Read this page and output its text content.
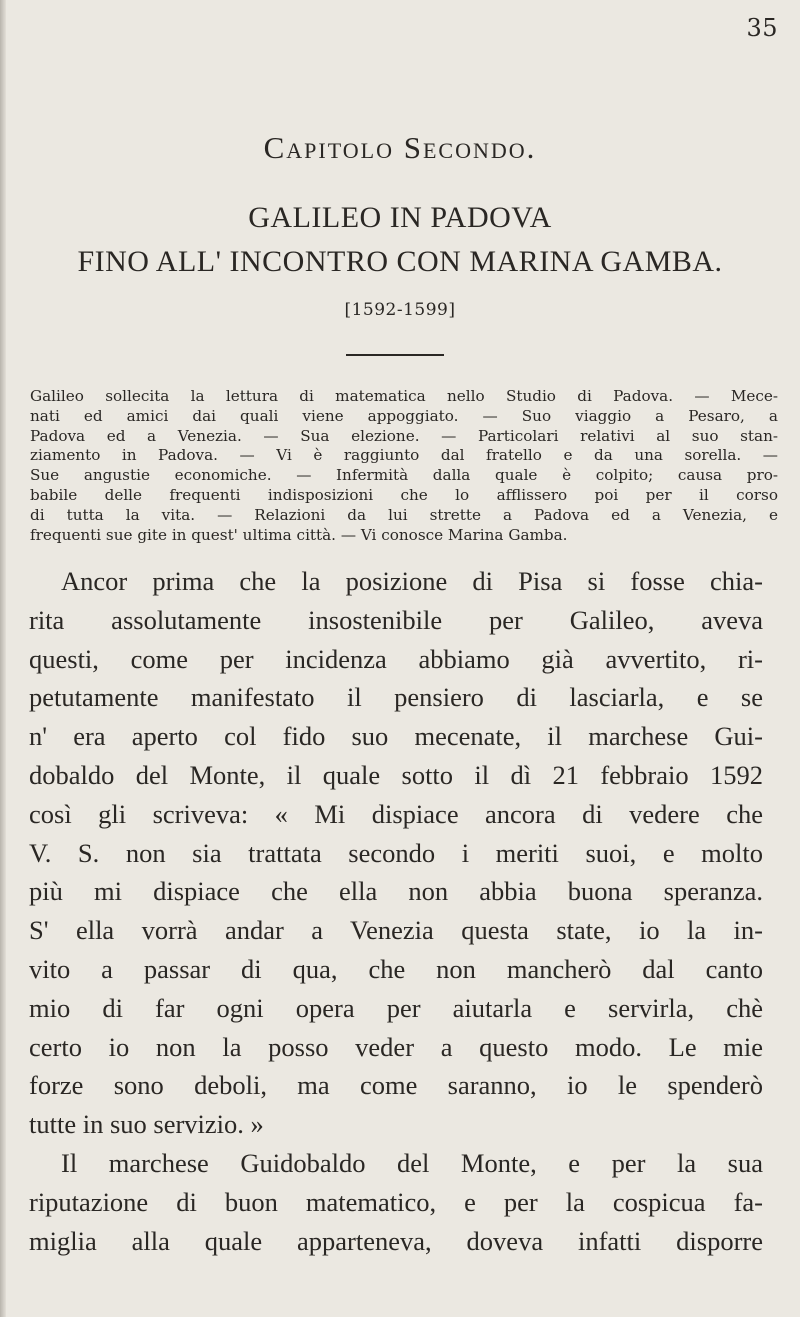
35
Capitolo Secondo.
GALILEO IN PADOVA
FINO ALL' INCONTRO CON MARINA GAMBA.
[1592-1599]
Galileo sollecita la lettura di matematica nello Studio di Padova. — Mece-
nati ed amici dai quali viene appoggiato. — Suo viaggio a Pesaro, a
Padova ed a Venezia. — Sua elezione. — Particolari relativi al suo stan-
ziamento in Padova. — Vi è raggiunto dal fratello e da una sorella. —
Sue angustie economiche. — Infermità dalla quale è colpito; causa pro-
babile delle frequenti indisposizioni che lo afflissero poi per il corso
di tutta la vita. — Relazioni da lui strette a Padova ed a Venezia, e
frequenti sue gite in quest' ultima città. — Vi conosce Marina Gamba.
Ancor prima che la posizione di Pisa si fosse chia-
rita assolutamente insostenibile per Galileo, aveva
questi, come per incidenza abbiamo già avvertito, ri-
petutamente manifestato il pensiero di lasciarla, e se
n' era aperto col fido suo mecenate, il marchese Gui-
dobaldo del Monte, il quale sotto il dì 21 febbraio 1592
così gli scriveva: « Mi dispiace ancora di vedere che
V. S. non sia trattata secondo i meriti suoi, e molto
più mi dispiace che ella non abbia buona speranza.
S' ella vorrà andar a Venezia questa state, io la in-
vito a passar di qua, che non mancherò dal canto
mio di far ogni opera per aiutarla e servirla, chè
certo io non la posso veder a questo modo. Le mie
forze sono deboli, ma come saranno, io le spenderò
tutte in suo servizio. »
Il marchese Guidobaldo del Monte, e per la sua
riputazione di buon matematico, e per la cospicua fa-
miglia alla quale apparteneva, doveva infatti disporre
